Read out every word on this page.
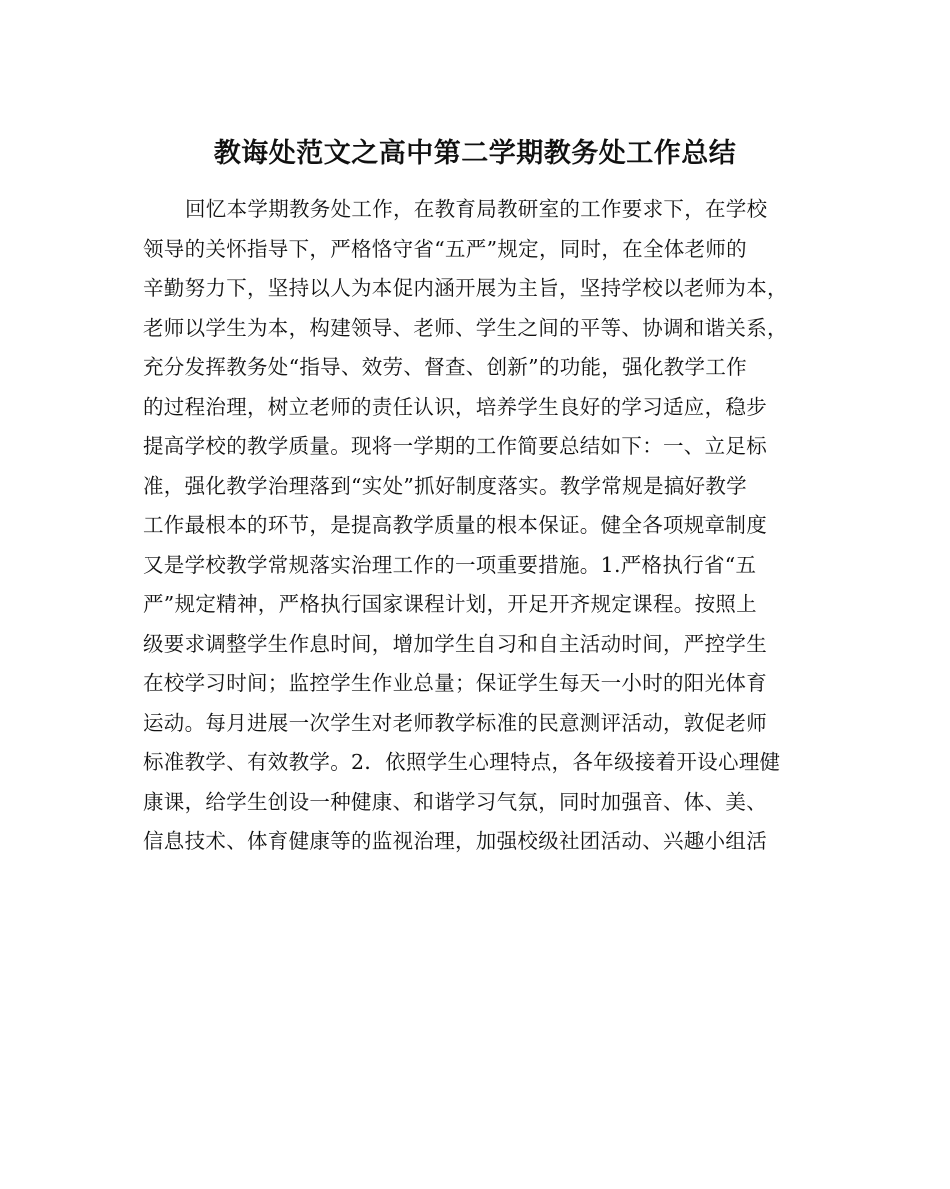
教诲处范文之高中第二学期教务处工作总结
回忆本学期教务处工作，在教育局教研室的工作要求下，在学校
领导的关怀指导下，严格恪守省“五严”规定，同时，在全体老师的
辛勤努力下，坚持以人为本促内涵开展为主旨，坚持学校以老师为本，
老师以学生为本，构建领导、老师、学生之间的平等、协调和谐关系，
充分发挥教务处“指导、效劳、督查、创新”的功能，强化教学工作
的过程治理，树立老师的责任认识，培养学生良好的学习适应，稳步
提高学校的教学质量。现将一学期的工作简要总结如下：一、立足标
准，强化教学治理落到“实处”抓好制度落实。教学常规是搞好教学
工作最根本的环节，是提高教学质量的根本保证。健全各项规章制度
又是学校教学常规落实治理工作的一项重要措施。1.严格执行省“五
严”规定精神，严格执行国家课程计划，开足开齐规定课程。按照上
级要求调整学生作息时间，增加学生自习和自主活动时间，严控学生
在校学习时间；监控学生作业总量；保证学生每天一小时的阳光体育
运动。每月进展一次学生对老师教学标准的民意测评活动，敦促老师
标准教学、有效教学。2．依照学生心理特点，各年级接着开设心理健
康课，给学生创设一种健康、和谐学习气氛，同时加强音、体、美、
信息技术、体育健康等的监视治理，加强校级社团活动、兴趣小组活
